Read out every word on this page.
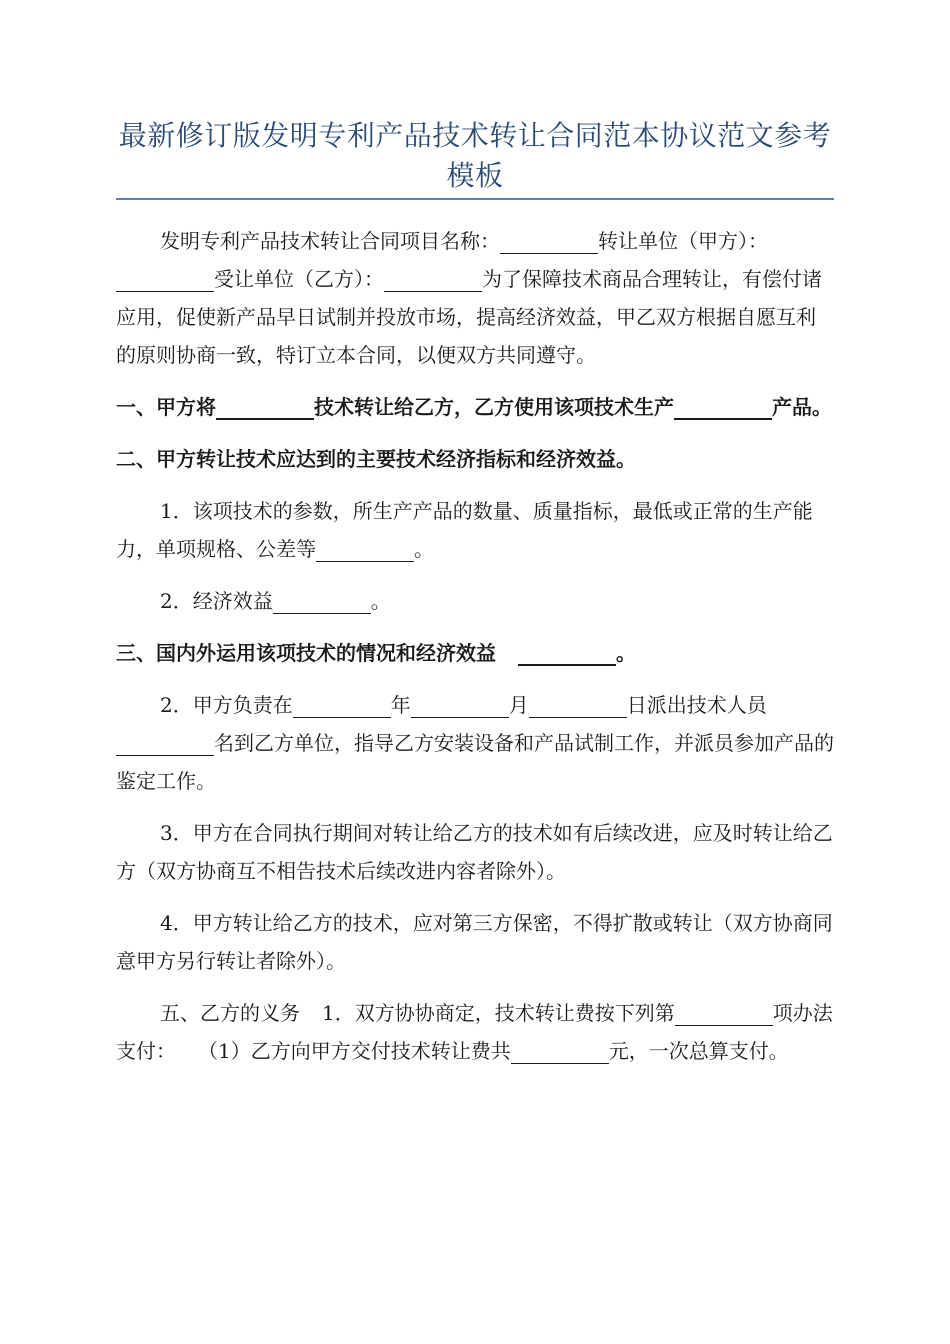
最新修订版发明专利产品技术转让合同范本协议范文参考模板

发明专利产品技术转让合同项目名称：	转让单位（甲方）：受让单位（乙方）：	为了保障技术商品合理转让，有偿付诸应用，促使新产品早日试制并投放市场，提高经济效益，甲乙双方根据自愿互利的原则协商一致，特订立本合同，以便双方共同遵守。

一、甲方将	技术转让给乙方，乙方使用该项技术生产	产品。

二、甲方转让技术应达到的主要技术经济指标和经济效益。

1．该项技术的参数，所生产产品的数量、质量指标，最低或正常的生产能力，单项规格、公差等	。

2．经济效益	。

三、国内外运用该项技术的情况和经济效益	。

2．甲方负责在	年	月	日派出技术人员名到乙方单位，指导乙方安装设备和产品试制工作，并派员参加产品的鉴定工作。

3．甲方在合同执行期间对转让给乙方的技术如有后续改进，应及时转让给乙方（双方协商互不相告技术后续改进内容者除外）。

4．甲方转让给乙方的技术，应对第三方保密，不得扩散或转让（双方协商同意甲方另行转让者除外）。

五、乙方的义务 1．双方协协商定，技术转让费按下列第	项办法支付： （1）乙方向甲方交付技术转让费共	元，一次总算支付。
